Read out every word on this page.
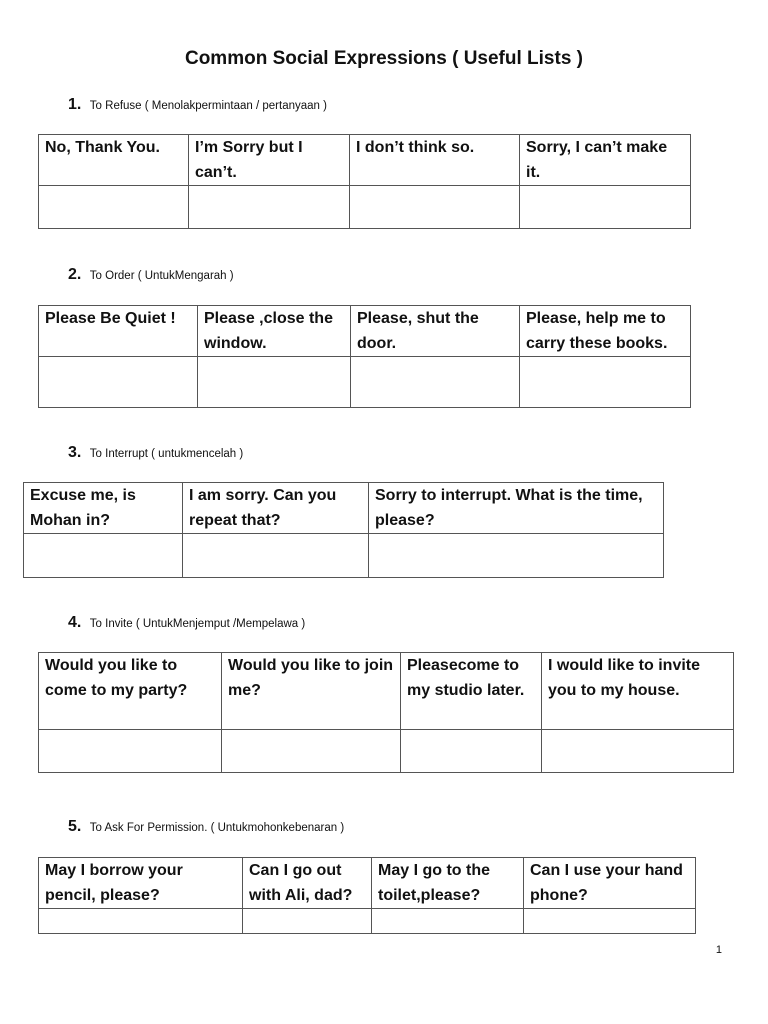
Common Social Expressions ( Useful Lists )
1. To Refuse ( Menolakpermintaan / pertanyaan )
No, Thank You.	I’m Sorry but I can’t.	I don’t think so.	Sorry, I can’t make it.

2. To Order ( UntukMengarah )
Please Be Quiet !	Please ,close the window.	Please, shut the door.	Please, help me to carry these books.

3. To Interrupt ( untukmencelah )
Excuse me, is Mohan in?	I am sorry. Can you repeat that?	Sorry to interrupt. What is the time, please?

4. To Invite ( UntukMenjemput /Mempelawa )
Would you like to come to my party?	Would you like to join me?	Pleasecome to my studio later.	I would like to invite you to my house.

5. To Ask For Permission. ( Untukmohonkebenaran )
May I borrow your pencil, please?	Can I go out with Ali, dad?	May I go to the toilet,please?	Can I use your hand phone?

1
